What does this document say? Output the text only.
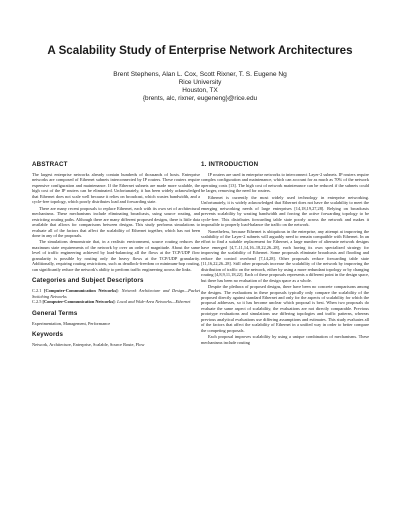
A Scalability Study of Enterprise Network Architectures
Brent Stephens, Alan L. Cox, Scott Rixner, T. S. Eugene Ng
Rice University
Houston, TX
{brents, alc, rixner, eugeneng}@rice.edu
ABSTRACT

The largest enterprise networks already contain hundreds of thousands of hosts. Enterprise networks are composed of Ethernet subnets interconnected by IP routers. These routers require expensive configuration and maintenance. If the Ethernet subnets are made more scalable, the high cost of the IP routers can be eliminated. Unfortunately, it has been widely acknowledged that Ethernet does not scale well because it relies on broadcast, which wastes bandwidth, and a cycle-free topology, which poorly distributes load and forwarding state.

There are many recent proposals to replace Ethernet, each with its own set of architectural mechanisms. These mechanisms include eliminating broadcasts, using source routing, and restricting routing paths. Although there are many different proposed designs, there is little data available that allows for comparisons between designs. This study performs simulations to evaluate all of the factors that affect the scalability of Ethernet together, which has not been done in any of the proposals.

The simulations demonstrate that, in a realistic environment, source routing reduces the maximum state requirements of the network by over an order of magnitude. About the same level of traffic engineering achieved by load-balancing all the flows at the TCP/UDP flow granularity is possible by routing only the heavy flows at the TCP/UDP granularity. Additionally, requiring routing restrictions, such as deadlock-freedom or minimum-hop routing, can significantly reduce the network's ability to perform traffic engineering across the links.

Categories and Subject Descriptors

C.2.1 [Computer-Communication Networks]: Network Architecture and Design—Packet Switching Networks

C.2.5 [Computer-Communication Networks]: Local and Wide-Area Networks—Ethernet

General Terms

Experimentation, Management, Performance

Keywords

Network, Architecture, Enterprise, Scalable, Source Route, Flow

1. INTRODUCTION

IP routers are used in enterprise networks to interconnect Layer-2 subnets. IP routers require complex configuration and maintenance, which can account for as much as 70% of the network operating costs [13]. The high cost of network maintenance can be reduced if the subnets could be larger, removing the need for routers.

Ethernet is currently the most widely used technology in enterprise networking. Unfortunately, it is widely acknowledged that Ethernet does not have the scalability to meet the emerging networking needs of large enterprises [14,18,19,27,28]. Relying on broadcasts prevents scalability by wasting bandwidth and forcing the active forwarding topology to be cycle-free. This distributes forwarding table state poorly across the network and makes it impossible to properly load-balance the traffic on the network.

Nonetheless, because Ethernet is ubiquitous in the enterprise, any attempt at improving the scalability of the Layer-2 subnets will arguably need to remain compatible with Ethernet. In an effort to find a suitable replacement for Ethernet, a large number of alternate network designs have emerged [4,7–11,14,16–18,22,26–28], each having its own specialized strategy for improving the scalability of Ethernet. Some proposals eliminate broadcasts and flooding and reduce the control overhead [7,14,28]. Other proposals reduce forwarding table state [11,16,22,26–28]. Still other proposals increase the scalability of the network by improving the distribution of traffic on the network, either by using a more redundant topology or by changing routing [4,8,9,11,18,22]. Each of these proposals represents a different point in the design space, but there has been no evaluation of the design space as a whole.

Despite the plethora of proposed designs, there have been no concrete comparisons among the designs. The evaluations in these proposals typically only compare the scalability of the proposed directly against standard Ethernet and only for the aspects of scalability for which the proposal addresses, so it has become unclear which proposal is best. When two proposals do evaluate the same aspect of scalability, the evaluations are not directly comparable. Previous prototype evaluations and simulations use differing topologies and traffic patterns, whereas previous analytical evaluations use differing assumptions and estimates. This study evaluates all of the factors that affect the scalability of Ethernet in a unified way in order to better compare the competing proposals.

Each proposal improves scalability by using a unique combination of mechanisms. These mechanisms include routing
